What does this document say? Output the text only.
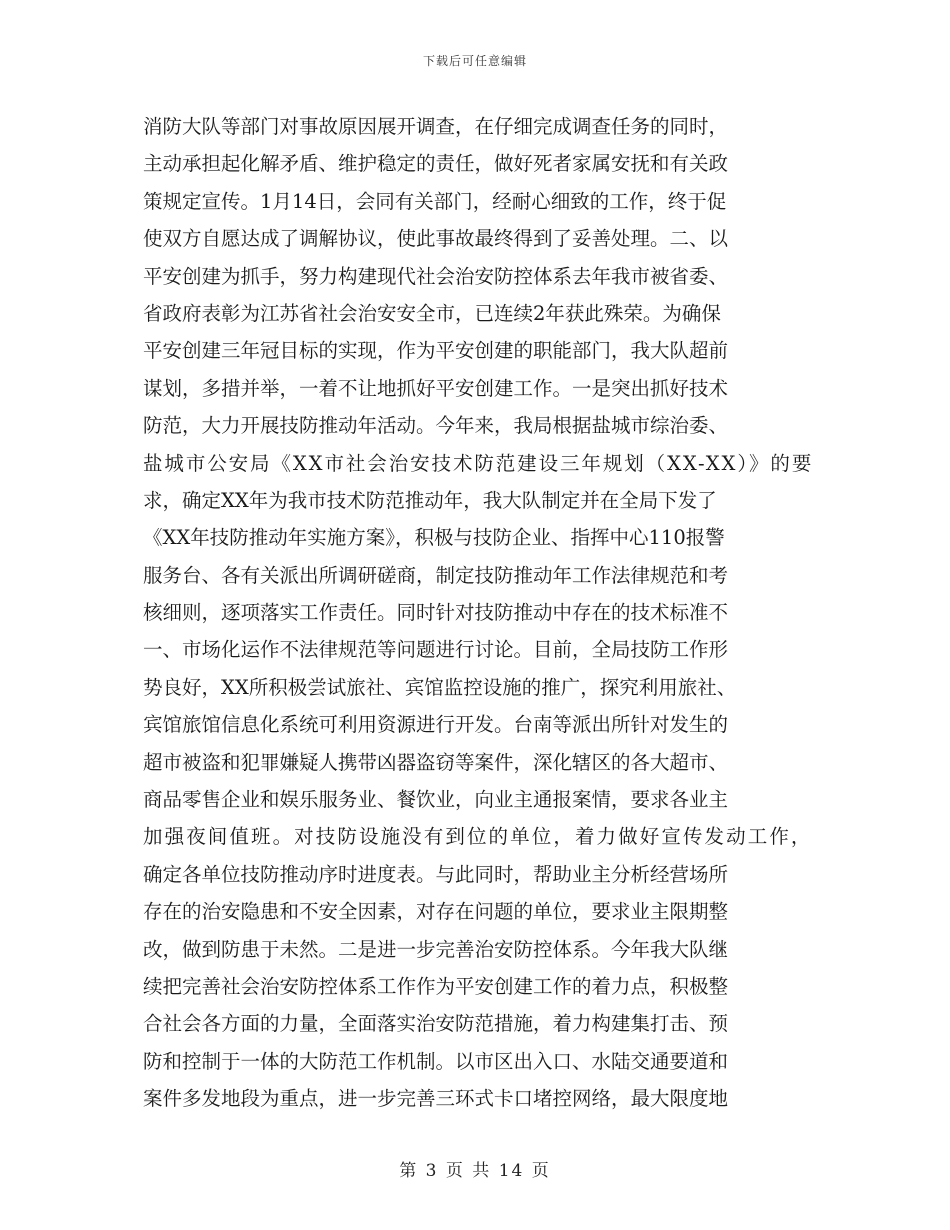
下载后可任意编辑
消防大队等部门对事故原因展开调查，在仔细完成调查任务的同时，
主动承担起化解矛盾、维护稳定的责任，做好死者家属安抚和有关政
策规定宣传。1月14日，会同有关部门，经耐心细致的工作，终于促
使双方自愿达成了调解协议，使此事故最终得到了妥善处理。二、以
平安创建为抓手，努力构建现代社会治安防控体系去年我市被省委、
省政府表彰为江苏省社会治安安全市，已连续2年获此殊荣。为确保
平安创建三年冠目标的实现，作为平安创建的职能部门，我大队超前
谋划，多措并举，一着不让地抓好平安创建工作。一是突出抓好技术
防范，大力开展技防推动年活动。今年来，我局根据盐城市综治委、
盐城市公安局《XX市社会治安技术防范建设三年规划（XX-XX）》的要
求，确定XX年为我市技术防范推动年，我大队制定并在全局下发了
《XX年技防推动年实施方案》，积极与技防企业、指挥中心110报警
服务台、各有关派出所调研磋商，制定技防推动年工作法律规范和考
核细则，逐项落实工作责任。同时针对技防推动中存在的技术标准不
一、市场化运作不法律规范等问题进行讨论。目前，全局技防工作形
势良好，XX所积极尝试旅社、宾馆监控设施的推广，探究利用旅社、
宾馆旅馆信息化系统可利用资源进行开发。台南等派出所针对发生的
超市被盗和犯罪嫌疑人携带凶器盗窃等案件，深化辖区的各大超市、
商品零售企业和娱乐服务业、餐饮业，向业主通报案情，要求各业主
加强夜间值班。对技防设施没有到位的单位，着力做好宣传发动工作，
确定各单位技防推动序时进度表。与此同时，帮助业主分析经营场所
存在的治安隐患和不安全因素，对存在问题的单位，要求业主限期整
改，做到防患于未然。二是进一步完善治安防控体系。今年我大队继
续把完善社会治安防控体系工作作为平安创建工作的着力点，积极整
合社会各方面的力量，全面落实治安防范措施，着力构建集打击、预
防和控制于一体的大防范工作机制。以市区出入口、水陆交通要道和
案件多发地段为重点，进一步完善三环式卡口堵控网络，最大限度地
第 3 页 共 14 页
